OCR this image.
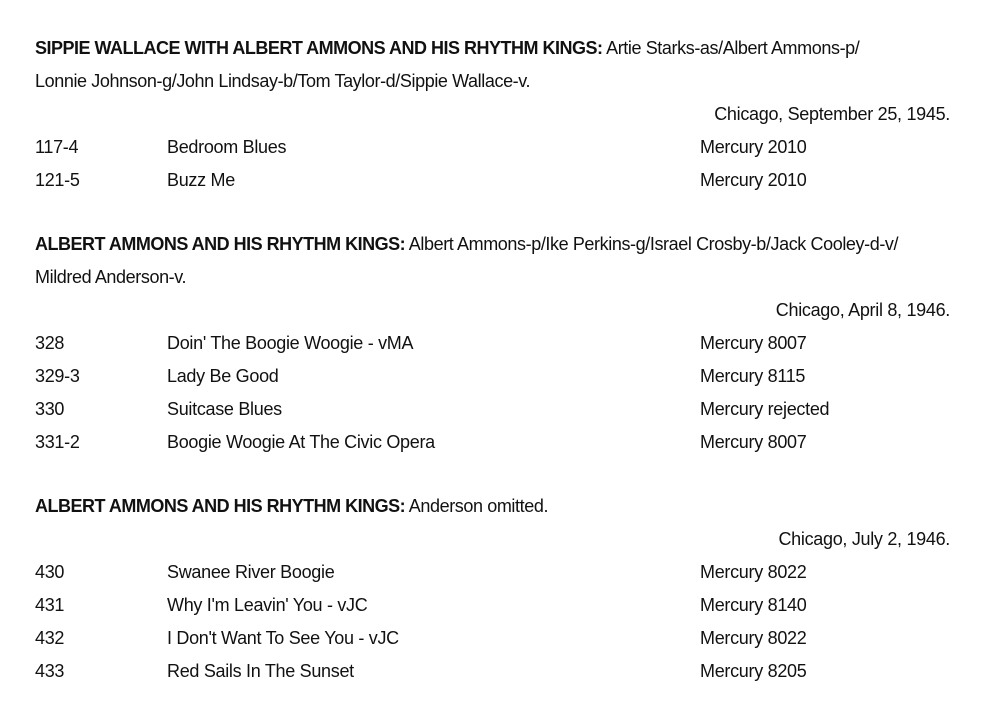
SIPPIE WALLACE WITH ALBERT AMMONS AND HIS RHYTHM KINGS: Artie Starks-as/Albert Ammons-p/
Lonnie Johnson-g/John Lindsay-b/Tom Taylor-d/Sippie Wallace-v.
Chicago, September 25, 1945.
117-4	Bedroom Blues	Mercury 2010
121-5	Buzz Me	Mercury 2010
ALBERT AMMONS AND HIS RHYTHM KINGS: Albert Ammons-p/Ike Perkins-g/Israel Crosby-b/Jack Cooley-d-v/
Mildred Anderson-v.
Chicago, April 8, 1946.
328	Doin' The Boogie Woogie - vMA	Mercury 8007
329-3	Lady Be Good	Mercury 8115
330	Suitcase Blues	Mercury rejected
331-2	Boogie Woogie At The Civic Opera	Mercury 8007
ALBERT AMMONS AND HIS RHYTHM KINGS: Anderson omitted.
Chicago, July 2, 1946.
430	Swanee River Boogie	Mercury 8022
431	Why I'm Leavin' You - vJC	Mercury 8140
432	I Don't Want To See You - vJC	Mercury 8022
433	Red Sails In The Sunset	Mercury 8205
